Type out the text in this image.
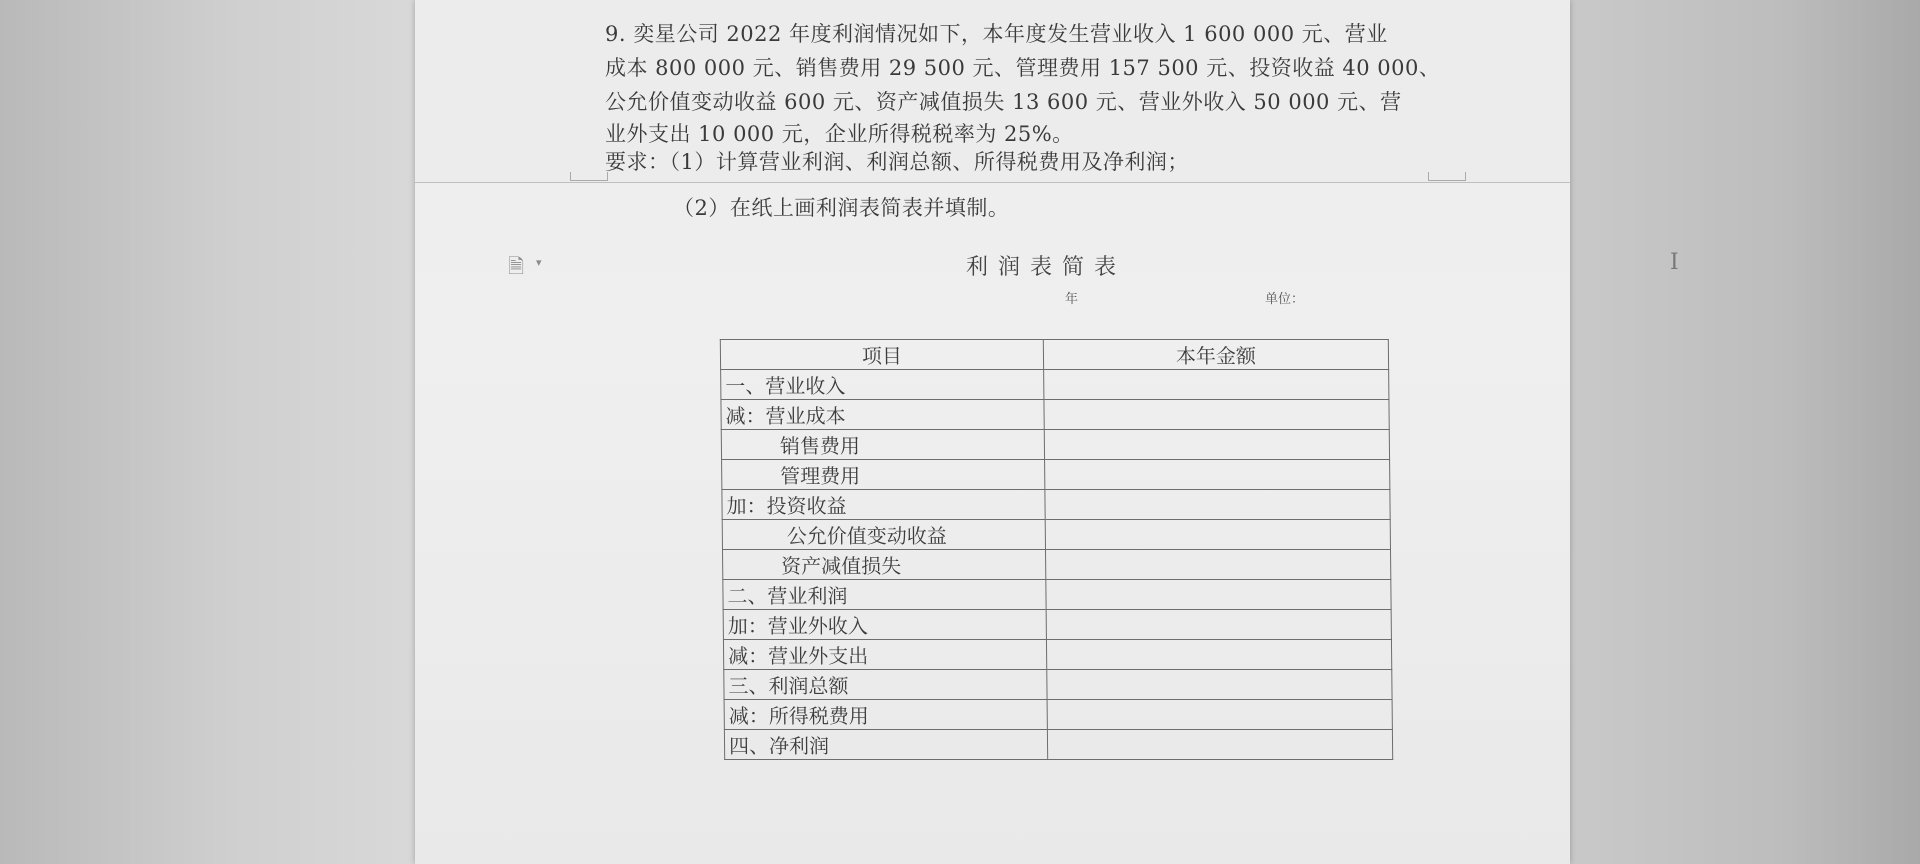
9. 奕星公司 2022 年度利润情况如下，本年度发生营业收入 1 600 000 元、营业
成本 800 000 元、销售费用 29 500 元、管理费用 157 500 元、投资收益 40 000、
公允价值变动收益 600 元、资产减值损失 13 600 元、营业外收入 50 000 元、营
业外支出 10 000 元，企业所得税税率为 25%。
要求：（1）计算营业利润、利润总额、所得税费用及净利润；
（2）在纸上画利润表简表并填制。
🗎	▾	利润表简表
年	单位：
项目	本年金额
一、营业收入	
减：营业成本	
销售费用	
管理费用	
加：投资收益	
公允价值变动收益	
资产减值损失	
二、营业利润	
加：营业外收入	
减：营业外支出	
三、利润总额	
减：所得税费用	
四、净利润	
I
